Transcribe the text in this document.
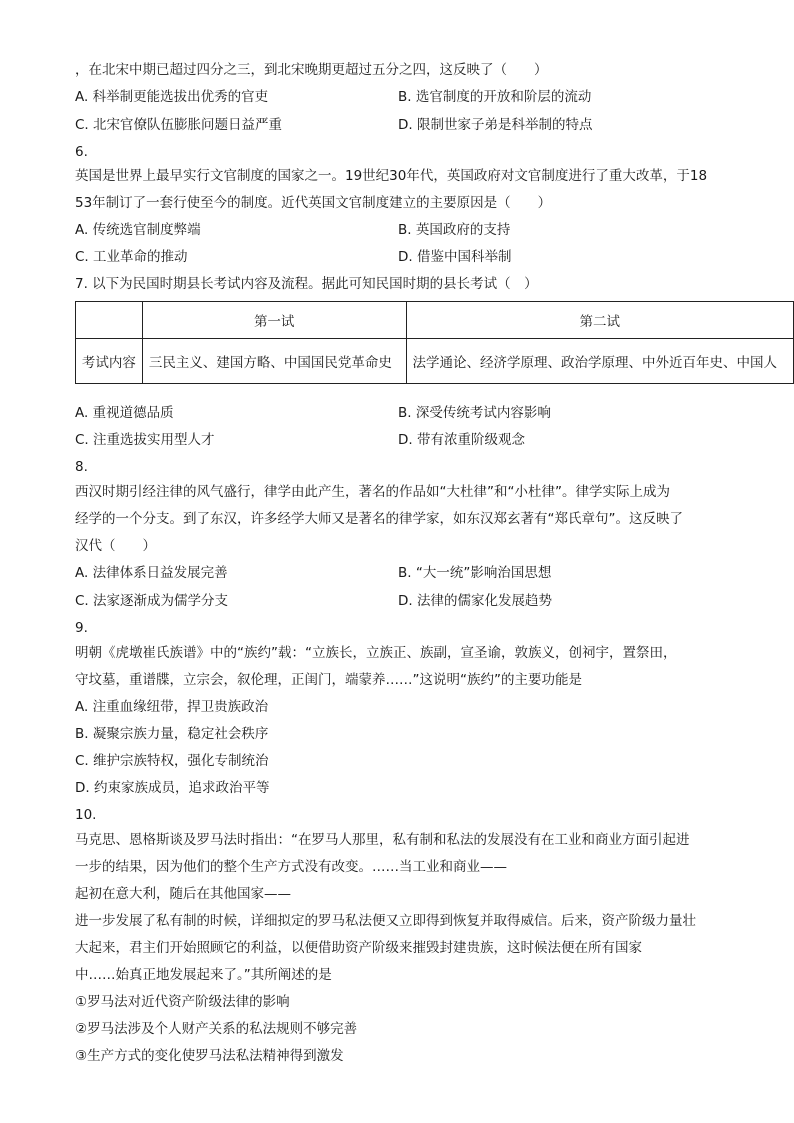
，在北宋中期已超过四分之三，到北宋晚期更超过五分之四，这反映了（　　）
A. 科举制更能选拔出优秀的官吏	B. 选官制度的开放和阶层的流动
C. 北宋官僚队伍膨胀问题日益严重	D. 限制世家子弟是科举制的特点
6.
英国是世界上最早实行文官制度的国家之一。19世纪30年代，英国政府对文官制度进行了重大改革，于18
53年制订了一套行使至今的制度。近代英国文官制度建立的主要原因是（　　）
A. 传统选官制度弊端	B. 英国政府的支持
C. 工业革命的推动	D. 借鉴中国科举制
7. 以下为民国时期县长考试内容及流程。据此可知民国时期的县长考试（　）
	第一试	第二试
考试内容	三民主义、建国方略、中国国民党革命史	法学通论、经济学原理、政治学原理、中外近百年史、中国人
A. 重视道德品质	B. 深受传统考试内容影响
C. 注重选拔实用型人才	D. 带有浓重阶级观念
8.
西汉时期引经注律的风气盛行，律学由此产生，著名的作品如“大杜律”和“小杜律”。律学实际上成为
经学的一个分支。到了东汉，许多经学大师又是著名的律学家，如东汉郑玄著有“郑氏章句”。这反映了
汉代（　　）
A. 法律体系日益发展完善	B. “大一统”影响治国思想
C. 法家逐渐成为儒学分支	D. 法律的儒家化发展趋势
9.
明朝《虎墩崔氏族谱》中的“族约”载：“立族长，立族正、族副，宣圣谕，敦族义，创祠宇，置祭田，
守坟墓，重谱牒，立宗会，叙伦理，正闺门，端蒙养……”这说明“族约”的主要功能是
A. 注重血缘纽带，捍卫贵族政治
B. 凝聚宗族力量，稳定社会秩序
C. 维护宗族特权，强化专制统治
D. 约束家族成员，追求政治平等
10.
马克思、恩格斯谈及罗马法时指出：“在罗马人那里，私有制和私法的发展没有在工业和商业方面引起进
一步的结果，因为他们的整个生产方式没有改变。……当工业和商业——
起初在意大利，随后在其他国家——
进一步发展了私有制的时候，详细拟定的罗马私法便又立即得到恢复并取得威信。后来，资产阶级力量壮
大起来，君主们开始照顾它的利益，以便借助资产阶级来摧毁封建贵族，这时候法便在所有国家
中……始真正地发展起来了。”其所阐述的是
①罗马法对近代资产阶级法律的影响
②罗马法涉及个人财产关系的私法规则不够完善
③生产方式的变化使罗马法私法精神得到激发
